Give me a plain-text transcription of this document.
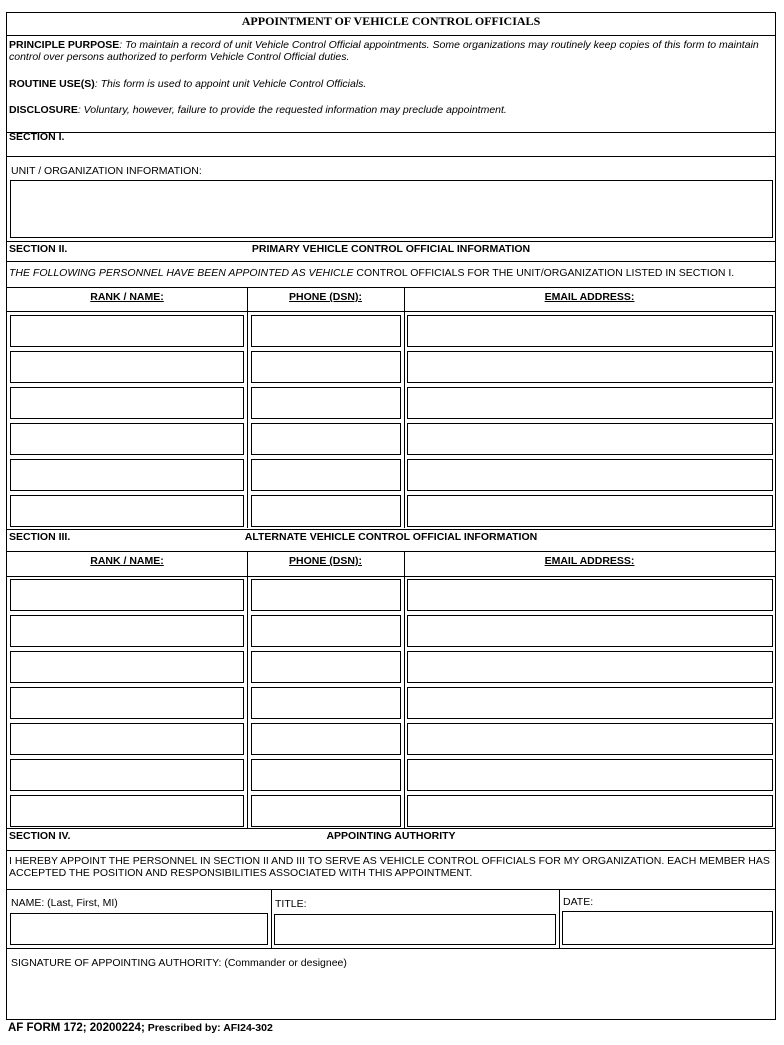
APPOINTMENT OF VEHICLE CONTROL OFFICIALS
PRINCIPLE PURPOSE: To maintain a record of unit Vehicle Control Official appointments. Some organizations may routinely keep copies of this form to maintain control over persons authorized to perform Vehicle Control Official duties.
ROUTINE USE(S): This form is used to appoint unit Vehicle Control Officials.
DISCLOSURE: Voluntary, however, failure to provide the requested information may preclude appointment.
SECTION I.
UNIT / ORGANIZATION INFORMATION:
SECTION II.	PRIMARY VEHICLE CONTROL OFFICIAL INFORMATION
THE FOLLOWING PERSONNEL HAVE BEEN APPOINTED AS VEHICLE CONTROL OFFICIALS FOR THE UNIT/ORGANIZATION LISTED IN SECTION I.
RANK / NAME:	PHONE (DSN):	EMAIL ADDRESS:
SECTION III.	ALTERNATE VEHICLE CONTROL OFFICIAL INFORMATION
RANK / NAME:	PHONE (DSN):	EMAIL ADDRESS:
SECTION IV.	APPOINTING AUTHORITY
I HEREBY APPOINT THE PERSONNEL IN SECTION II AND III TO SERVE AS VEHICLE CONTROL OFFICIALS FOR MY ORGANIZATION. EACH MEMBER HAS ACCEPTED THE POSITION AND RESPONSIBILITIES ASSOCIATED WITH THIS APPOINTMENT.
NAME: (Last, First, MI)	TITLE:	DATE:
SIGNATURE OF APPOINTING AUTHORITY: (Commander or designee)
AF FORM 172; 20200224; Prescribed by: AFI24-302
